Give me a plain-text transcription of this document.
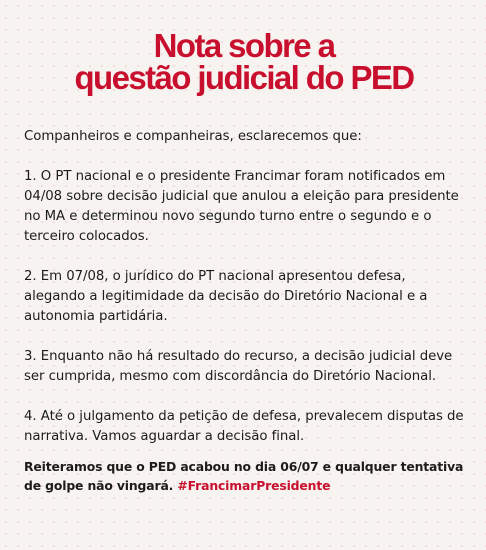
Nota sobre a
questão judicial do PED

Companheiros e companheiras, esclarecemos que:

1. O PT nacional e o presidente Francimar foram notificados em 04/08 sobre decisão judicial que anulou a eleição para presidente no MA e determinou novo segundo turno entre o segundo e o terceiro colocados.

2. Em 07/08, o jurídico do PT nacional apresentou defesa, alegando a legitimidade da decisão do Diretório Nacional e a autonomia partidária.

3. Enquanto não há resultado do recurso, a decisão judicial deve ser cumprida, mesmo com discordância do Diretório Nacional.

4. Até o julgamento da petição de defesa, prevalecem disputas de narrativa. Vamos aguardar a decisão final.

Reiteramos que o PED acabou no dia 06/07 e qualquer tentativa de golpe não vingará. #FrancimarPresidente
